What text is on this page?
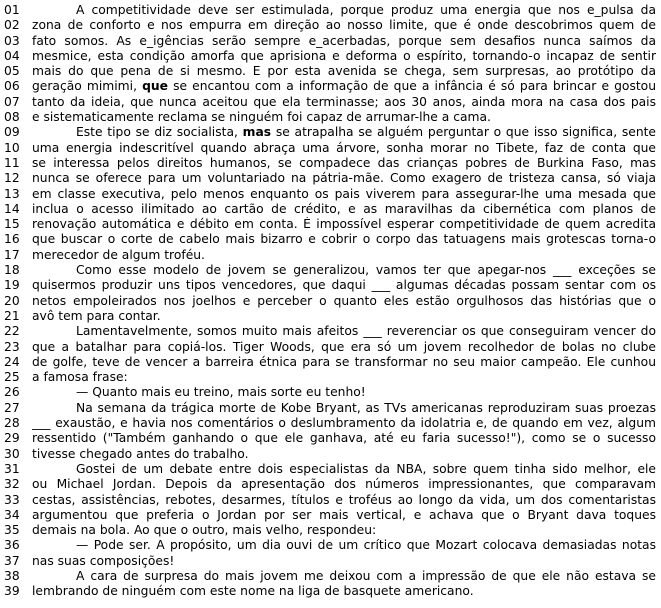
01	A competitividade deve ser estimulada, porque produz uma energia que nos e_pulsa da
02	zona de conforto e nos empurra em direção ao nosso limite, que é onde descobrimos quem de
03	fato somos. As e_igências serão sempre e_acerbadas, porque sem desafios nunca saímos da
04	mesmice, esta condição amorfa que aprisiona e deforma o espírito, tornando-o incapaz de sentir
05	mais do que pena de si mesmo. E por esta avenida se chega, sem surpresas, ao protótipo da
06	geração mimimi, que se encantou com a informação de que a infância é só para brincar e gostou
07	tanto da ideia, que nunca aceitou que ela terminasse; aos 30 anos, ainda mora na casa dos pais
08	e sistematicamente reclama se ninguém foi capaz de arrumar-lhe a cama.
09	Este tipo se diz socialista, mas se atrapalha se alguém perguntar o que isso significa, sente
10	uma energia indescritível quando abraça uma árvore, sonha morar no Tibete, faz de conta que
11	se interessa pelos direitos humanos, se compadece das crianças pobres de Burkina Faso, mas
12	nunca se oferece para um voluntariado na pátria-mãe. Como exagero de tristeza cansa, só viaja
13	em classe executiva, pelo menos enquanto os pais viverem para assegurar-lhe uma mesada que
14	inclua o acesso ilimitado ao cartão de crédito, e as maravilhas da cibernética com planos de
15	renovação automática e débito em conta. É impossível esperar competitividade de quem acredita
16	que buscar o corte de cabelo mais bizarro e cobrir o corpo das tatuagens mais grotescas torna-o
17	merecedor de algum troféu.
18	Como esse modelo de jovem se generalizou, vamos ter que apegar-nos ___ exceções se
19	quisermos produzir uns tipos vencedores, que daqui ___ algumas décadas possam sentar com os
20	netos empoleirados nos joelhos e perceber o quanto eles estão orgulhosos das histórias que o
21	avô tem para contar.
22	Lamentavelmente, somos muito mais afeitos ___ reverenciar os que conseguiram vencer do
23	que a batalhar para copiá-los. Tiger Woods, que era só um jovem recolhedor de bolas no clube
24	de golfe, teve de vencer a barreira étnica para se transformar no seu maior campeão. Ele cunhou
25	a famosa frase:
26	— Quanto mais eu treino, mais sorte eu tenho!
27	Na semana da trágica morte de Kobe Bryant, as TVs americanas reproduziram suas proezas
28	___ exaustão, e havia nos comentários o deslumbramento da idolatria e, de quando em vez, algum
29	ressentido ("Também ganhando o que ele ganhava, até eu faria sucesso!"), como se o sucesso
30	tivesse chegado antes do trabalho.
31	Gostei de um debate entre dois especialistas da NBA, sobre quem tinha sido melhor, ele
32	ou Michael Jordan. Depois da apresentação dos números impressionantes, que comparavam
33	cestas, assistências, rebotes, desarmes, títulos e troféus ao longo da vida, um dos comentaristas
34	argumentou que preferia o Jordan por ser mais vertical, e achava que o Bryant dava toques
35	demais na bola. Ao que o outro, mais velho, respondeu:
36	— Pode ser. A propósito, um dia ouvi de um crítico que Mozart colocava demasiadas notas
37	nas suas composições!
38	A cara de surpresa do mais jovem me deixou com a impressão de que ele não estava se
39	lembrando de ninguém com este nome na liga de basquete americano.
